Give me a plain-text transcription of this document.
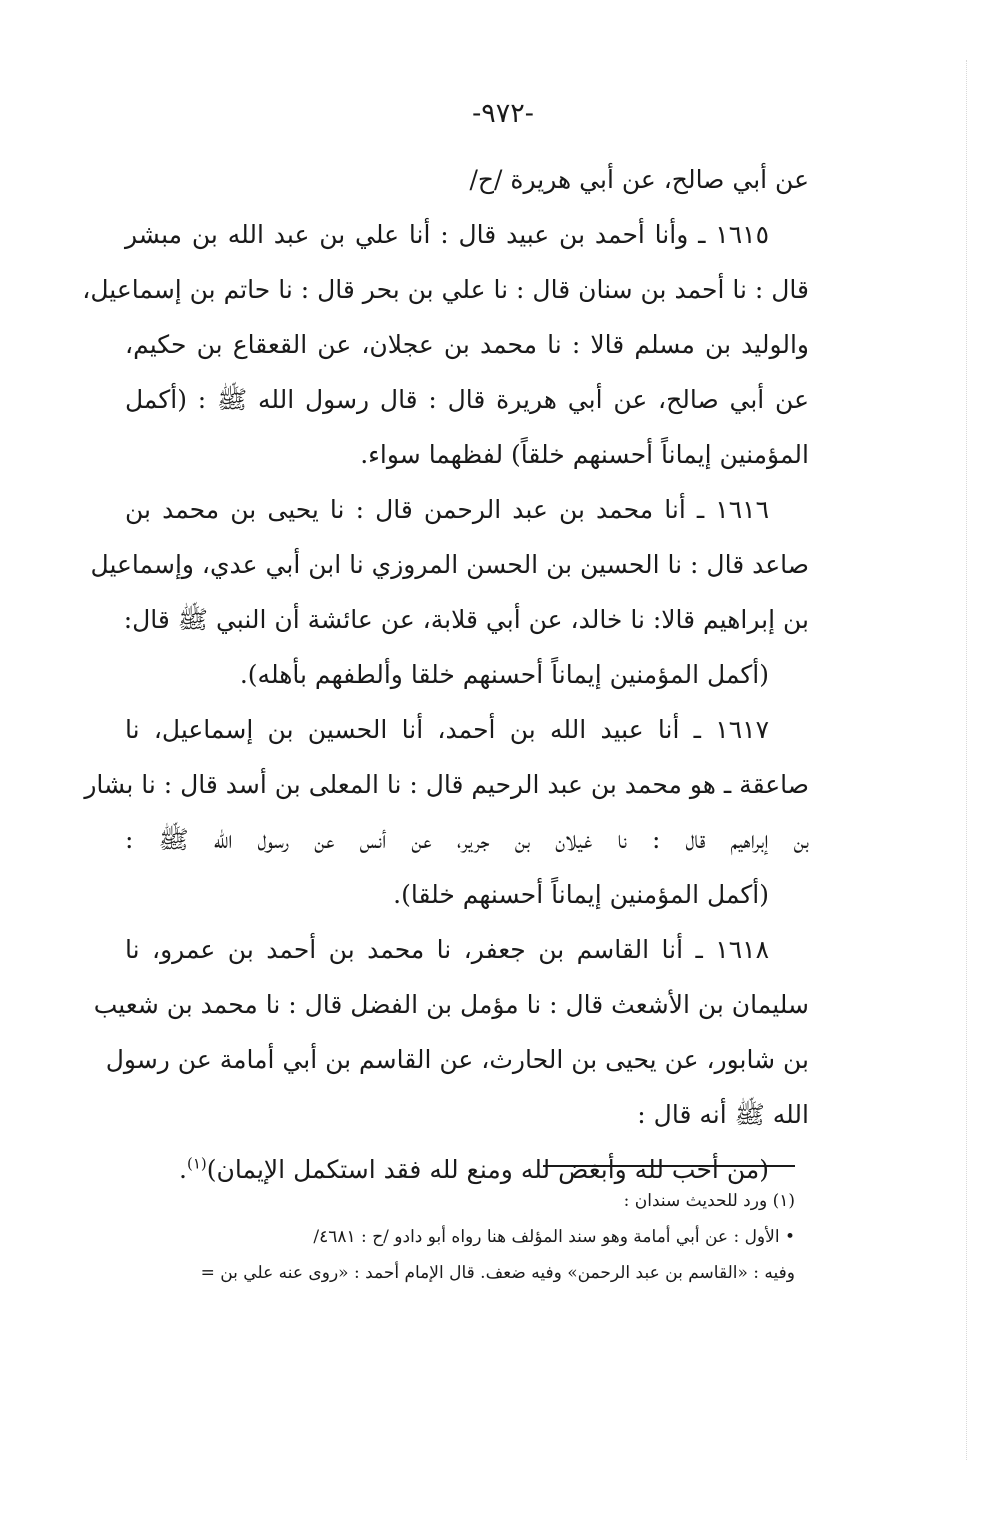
-٩٧٢-
عن أبي صالح، عن أبي هريرة /ح/
١٦١٥ ـ وأنا أحمد بن عبيد قال : أنا علي بن عبد الله بن مبشر
قال : نا أحمد بن سنان قال : نا علي بن بحر قال : نا حاتم بن إسماعيل،
والوليد بن مسلم قالا : نا محمد بن عجلان، عن القعقاع بن حكيم،
عن أبي صالح، عن أبي هريرة قال : قال رسول الله ﷺ : (أكمل
المؤمنين إيماناً أحسنهم خلقاً) لفظهما سواء.
١٦١٦ ـ أنا محمد بن عبد الرحمن قال : نا يحيى بن محمد بن
صاعد قال : نا الحسين بن الحسن المروزي نا ابن أبي عدي، وإسماعيل
بن إبراهيم قالا: نا خالد، عن أبي قلابة، عن عائشة أن النبي ﷺ قال:
(أكمل المؤمنين إيماناً أحسنهم خلقا وألطفهم بأهله).
١٦١٧ ـ أنا عبيد الله بن أحمد، أنا الحسين بن إسماعيل، نا
صاعقة ـ هو محمد بن عبد الرحيم قال : نا المعلى بن أسد قال : نا بشار
بن إبراهيم قال : نا غيلان بن جرير، عن أنس عن رسول الله ﷺ :
(أكمل المؤمنين إيماناً أحسنهم خلقا).
١٦١٨ ـ أنا القاسم بن جعفر، نا محمد بن أحمد بن عمرو، نا
سليمان بن الأشعث قال : نا مؤمل بن الفضل قال : نا محمد بن شعيب
بن شابور، عن يحيى بن الحارث، عن القاسم بن أبي أمامة عن رسول
الله ﷺ أنه قال :
(من أحب لله وأبغض لله ومنع لله فقد استكمل الإيمان)$^{(١)}$.
(١) ورد للحديث سندان :
• الأول : عن أبي أمامة وهو سند المؤلف هنا رواه أبو دادو /ح : ٤٦٨١/
وفيه : «القاسم بن عبد الرحمن» وفيه ضعف. قال الإمام أحمد : «روى عنه علي بن =
